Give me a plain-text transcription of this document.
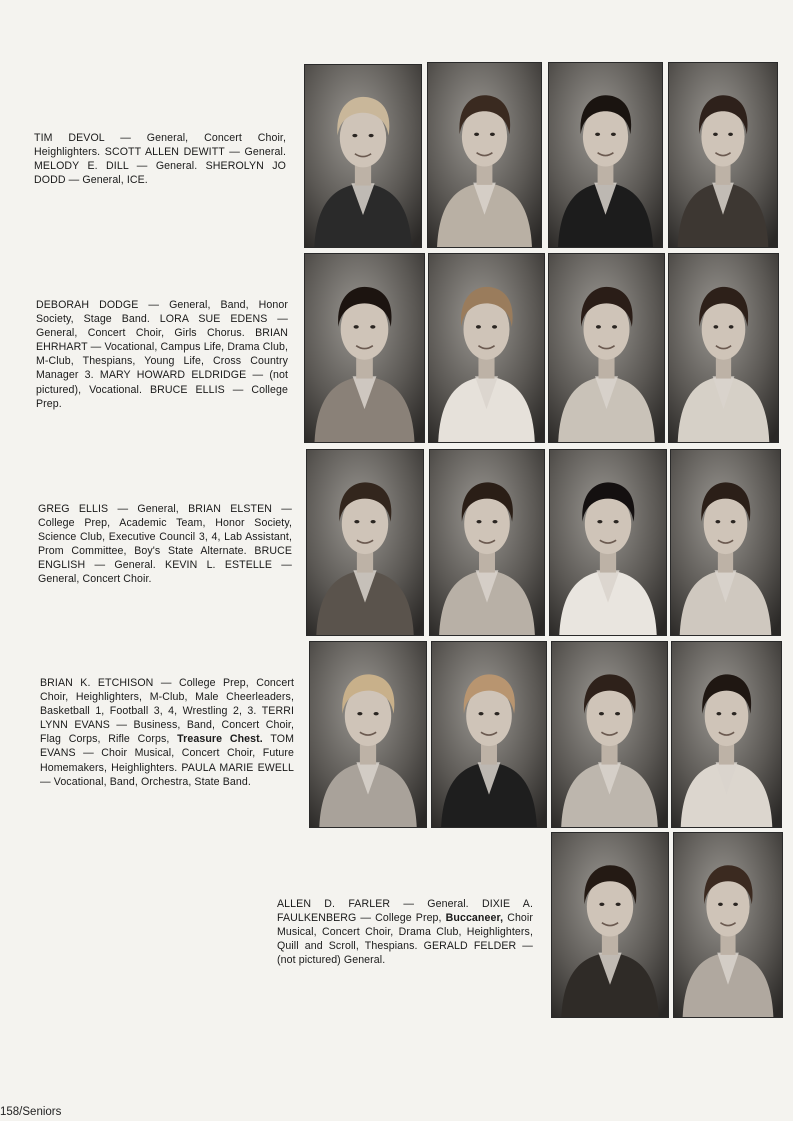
TIM DEVOL — General, Concert Choir, Heighlighters. SCOTT ALLEN DEWITT — General. MELODY E. DILL — General. SHEROLYN JO DODD — General, ICE.
DEBORAH DODGE — General, Band, Honor Society, Stage Band. LORA SUE EDENS — General, Concert Choir, Girls Chorus. BRIAN EHRHART — Vocational, Campus Life, Drama Club, M-Club, Thespians, Young Life, Cross Country Manager 3. MARY HOWARD ELDRIDGE — (not pictured), Vocational. BRUCE ELLIS — College Prep.
GREG ELLIS — General, BRIAN ELSTEN — College Prep, Academic Team, Honor Society, Science Club, Executive Council 3, 4, Lab Assistant, Prom Committee, Boy's State Alternate. BRUCE ENGLISH — General. KEVIN L. ESTELLE — General, Concert Choir.
BRIAN K. ETCHISON — College Prep, Concert Choir, Heighlighters, M-Club, Male Cheerleaders, Basketball 1, Football 3, 4, Wrestling 2, 3. TERRI LYNN EVANS — Business, Band, Concert Choir, Flag Corps, Rifle Corps, Treasure Chest. TOM EVANS — Choir Musical, Concert Choir, Future Homemakers, Heighlighters. PAULA MARIE EWELL — Vocational, Band, Orchestra, State Band.
ALLEN D. FARLER — General. DIXIE A. FAULKENBERG — College Prep, Buccaneer, Choir Musical, Concert Choir, Drama Club, Heighlighters, Quill and Scroll, Thespians. GERALD FELDER — (not pictured) General.
158/Seniors
